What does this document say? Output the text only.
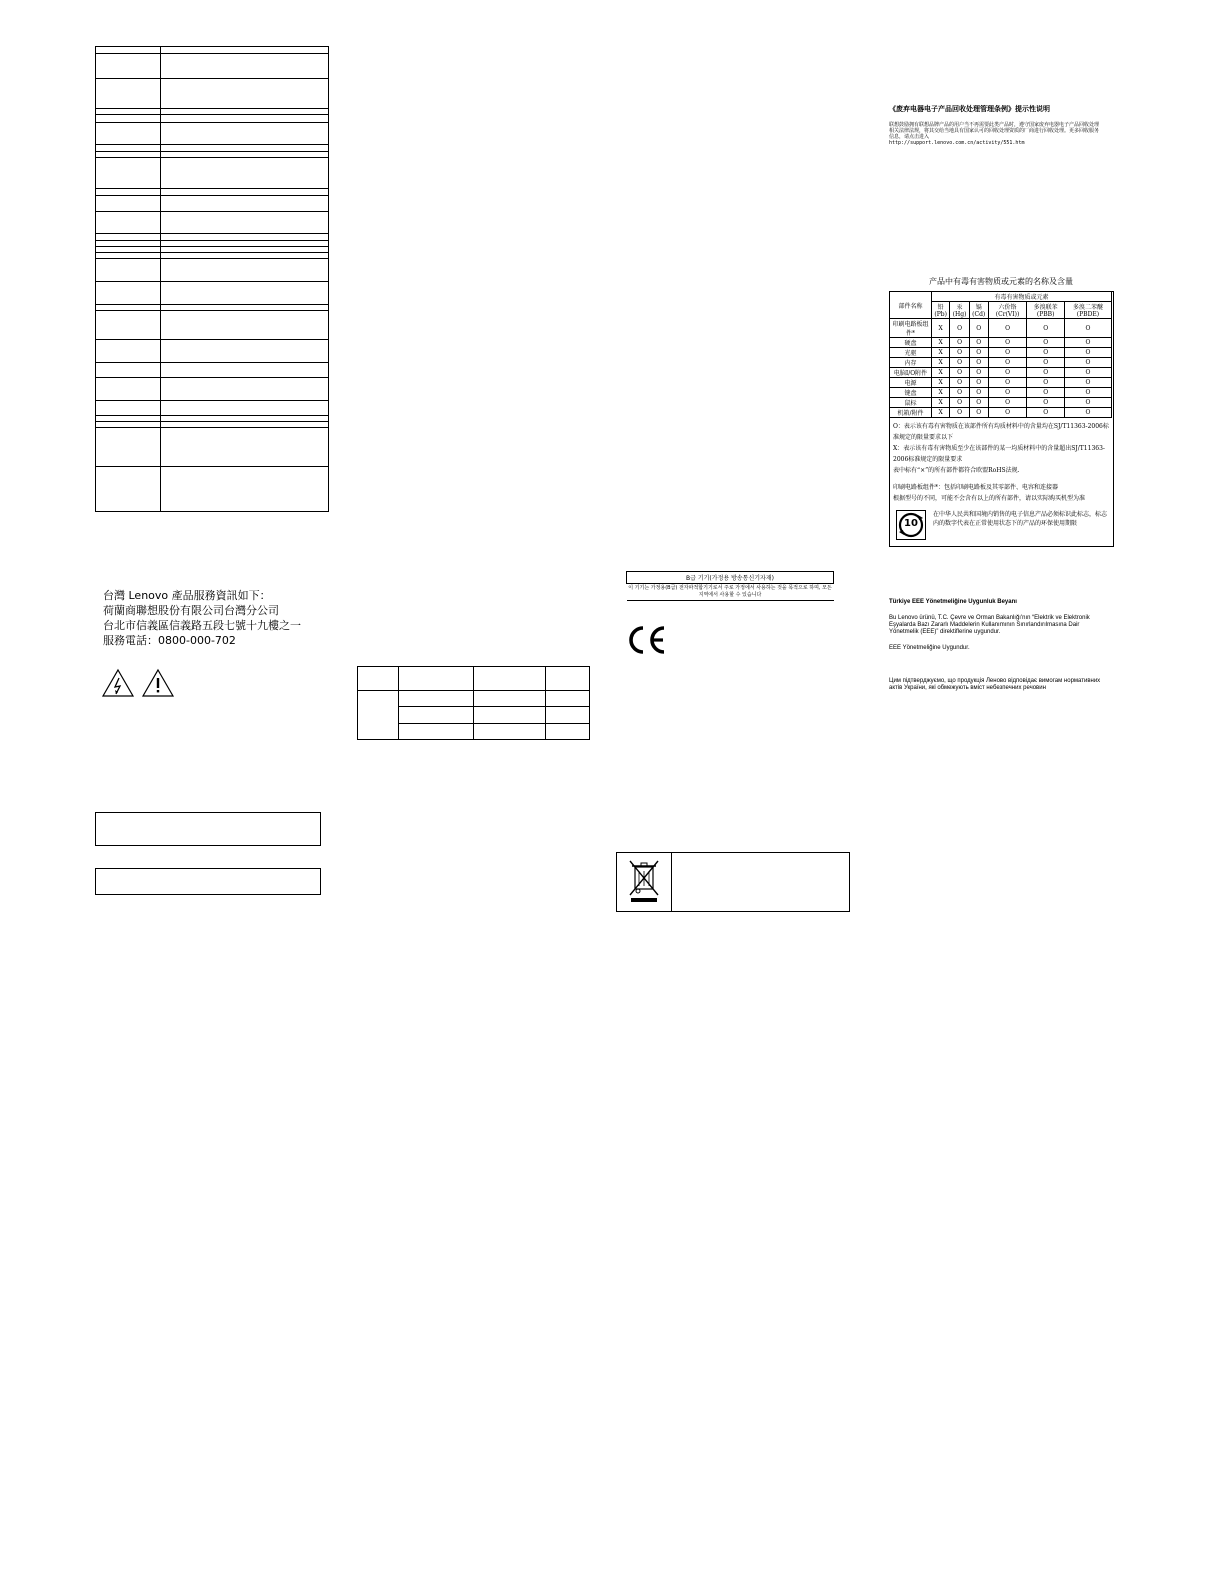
台灣 Lenovo 產品服務資訊如下：
荷蘭商聯想股份有限公司台灣分公司
台北市信義區信義路五段七號十九樓之一
服務電話：0800-000-702

B급 기기(가정용 방송통신기자재)
이 기기는 가정용(B급) 전자파적합기기로서 주로 가정에서 사용하는 것을 목적으로 하며, 모든 지역에서 사용할 수 있습니다
《废弃电器电子产品回收处理管理条例》提示性说明
联想鼓励拥有联想品牌产品的用户当不再需要此类产品时，遵守国家废弃电器电子产品回收处理相关法律法规，将其交给当地具有国家认可的回收处理资质的厂商进行回收处理。更多回收服务信息，请点击进入
http://support.lenovo.com.cn/activity/551.htm
产品中有毒有害物质或元素的名称及含量
部件名称	有毒有害物质或元素					
	铅(Pb)	汞(Hg)	镉(Cd)	六价铬(Cr(VI))	多溴联苯(PBB)	多溴二苯醚(PBDE)
印刷电路板组件*	X	O	O	O	O	O
硬盘	X	O	O	O	O	O
光驱	X	O	O	O	O	O
内存	X	O	O	O	O	O
电脑I/O附件	X	O	O	O	O	O
电源	X	O	O	O	O	O
键盘	X	O	O	O	O	O
鼠标	X	O	O	O	O	O
机箱/附件	X	O	O	O	O	O
O：表示该有毒有害物质在该部件所有均质材料中的含量均在SJ/T11363-2006标准规定的限量要求以下
X：表示该有毒有害物质至少在该部件的某一均质材料中的含量超出SJ/T11363-2006标准规定的限量要求
表中标有“×”的所有部件都符合欧盟RoHS法规.
印刷电路板组件*：包括印刷电路板及其零部件、电容和连接器
根据型号的不同，可能不会含有以上的所有部件，请以实际购买机型为准
10
在中华人民共和国境内销售的电子信息产品必须标识此标志，标志内的数字代表在正常使用状态下的产品的环保使用期限
Türkiye EEE Yönetmeliğine Uygunluk Beyanı
Bu Lenovo ürünü, T.C. Çevre ve Orman Bakanlığı'nın “Elektrik ve Elektronik Eşyalarda Bazı Zararlı Maddelerin Kullanımının Sınırlandırılmasına Dair Yönetmelik (EEE)” direktiflerine uygundur.
EEE Yönetmeliğine Uygundur.
Цим підтверджуємо, що продукція Леново відповідає вимогам нормативних актів України, які обмежують вміст небезпечних речовин
